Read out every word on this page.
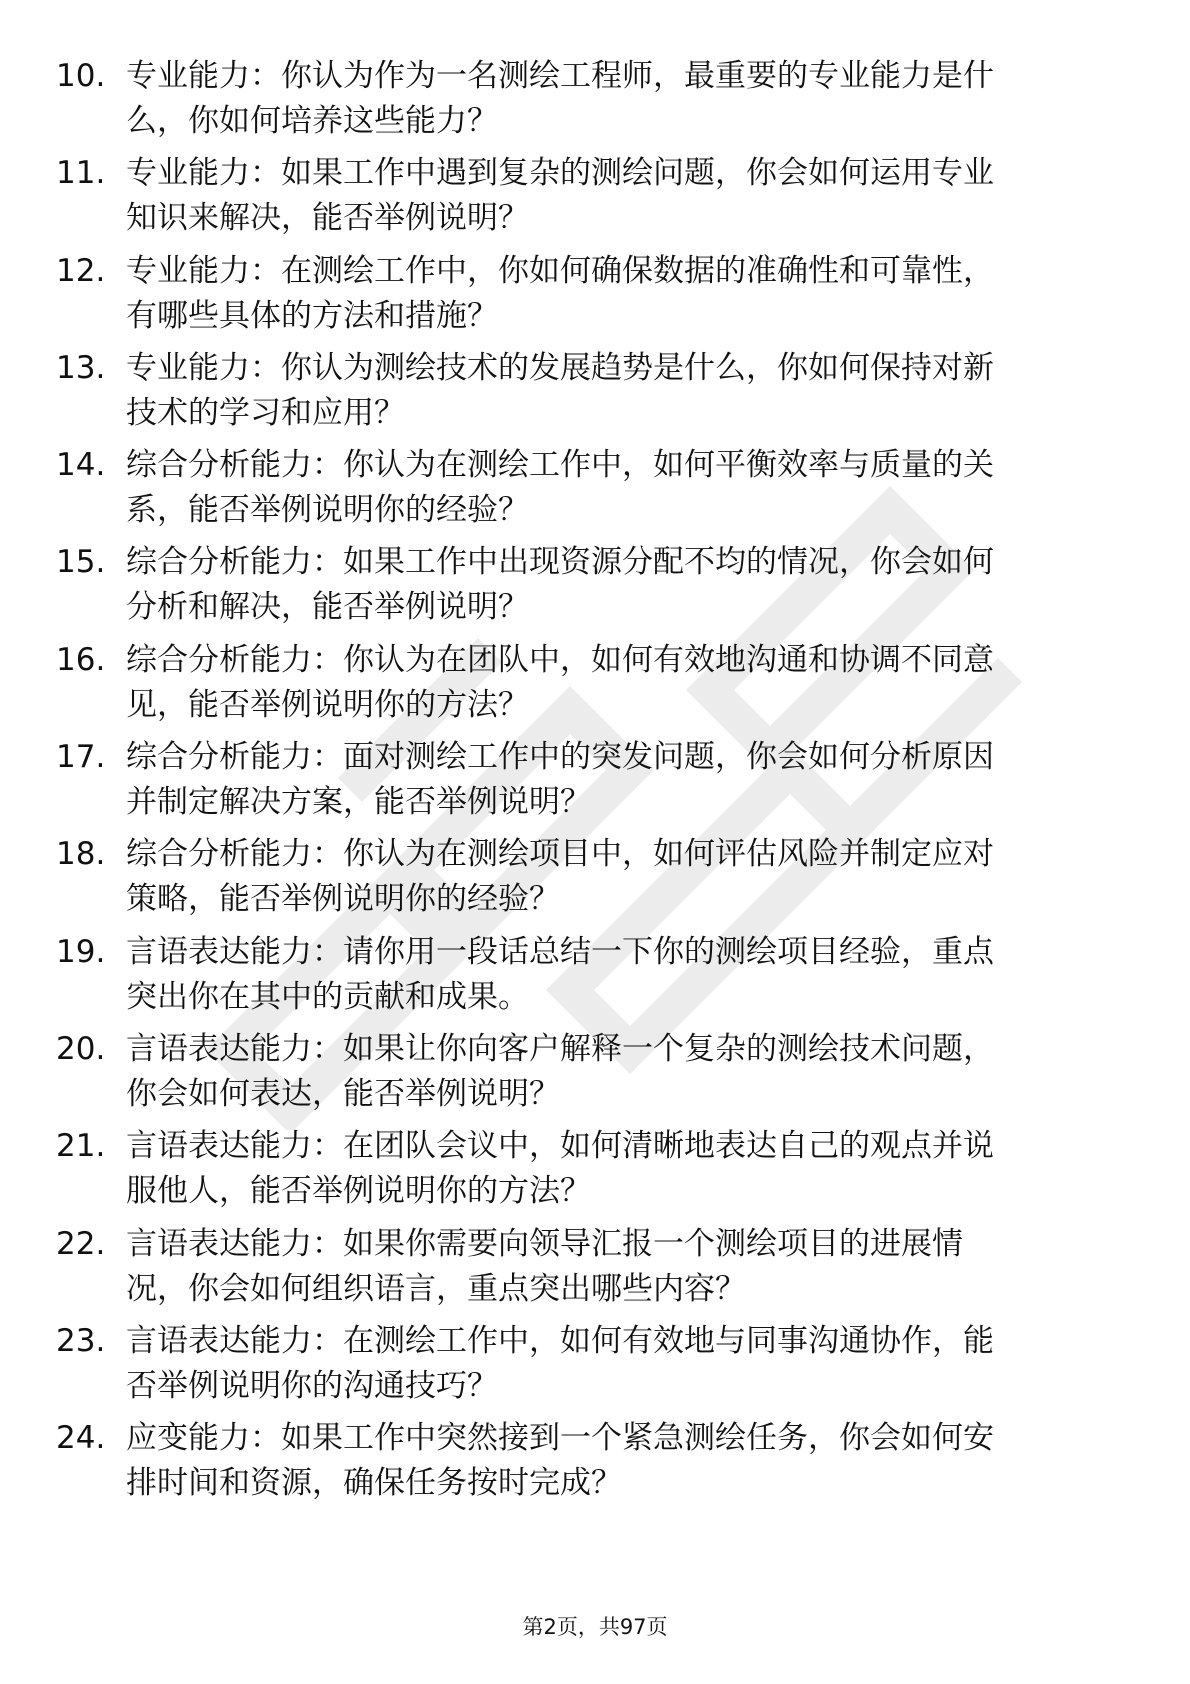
10. 专业能力：你认为作为一名测绘工程师，最重要的专业能力是什
么，你如何培养这些能力？
11. 专业能力：如果工作中遇到复杂的测绘问题，你会如何运用专业
知识来解决，能否举例说明？
12. 专业能力：在测绘工作中，你如何确保数据的准确性和可靠性，
有哪些具体的方法和措施？
13. 专业能力：你认为测绘技术的发展趋势是什么，你如何保持对新
技术的学习和应用？
14. 综合分析能力：你认为在测绘工作中，如何平衡效率与质量的关
系，能否举例说明你的经验？
15. 综合分析能力：如果工作中出现资源分配不均的情况，你会如何
分析和解决，能否举例说明？
16. 综合分析能力：你认为在团队中，如何有效地沟通和协调不同意
见，能否举例说明你的方法？
17. 综合分析能力：面对测绘工作中的突发问题，你会如何分析原因
并制定解决方案，能否举例说明？
18. 综合分析能力：你认为在测绘项目中，如何评估风险并制定应对
策略，能否举例说明你的经验？
19. 言语表达能力：请你用一段话总结一下你的测绘项目经验，重点
突出你在其中的贡献和成果。
20. 言语表达能力：如果让你向客户解释一个复杂的测绘技术问题，
你会如何表达，能否举例说明？
21. 言语表达能力：在团队会议中，如何清晰地表达自己的观点并说
服他人，能否举例说明你的方法？
22. 言语表达能力：如果你需要向领导汇报一个测绘项目的进展情
况，你会如何组织语言，重点突出哪些内容？
23. 言语表达能力：在测绘工作中，如何有效地与同事沟通协作，能
否举例说明你的沟通技巧？
24. 应变能力：如果工作中突然接到一个紧急测绘任务，你会如何安
排时间和资源，确保任务按时完成？
第2页，共97页
